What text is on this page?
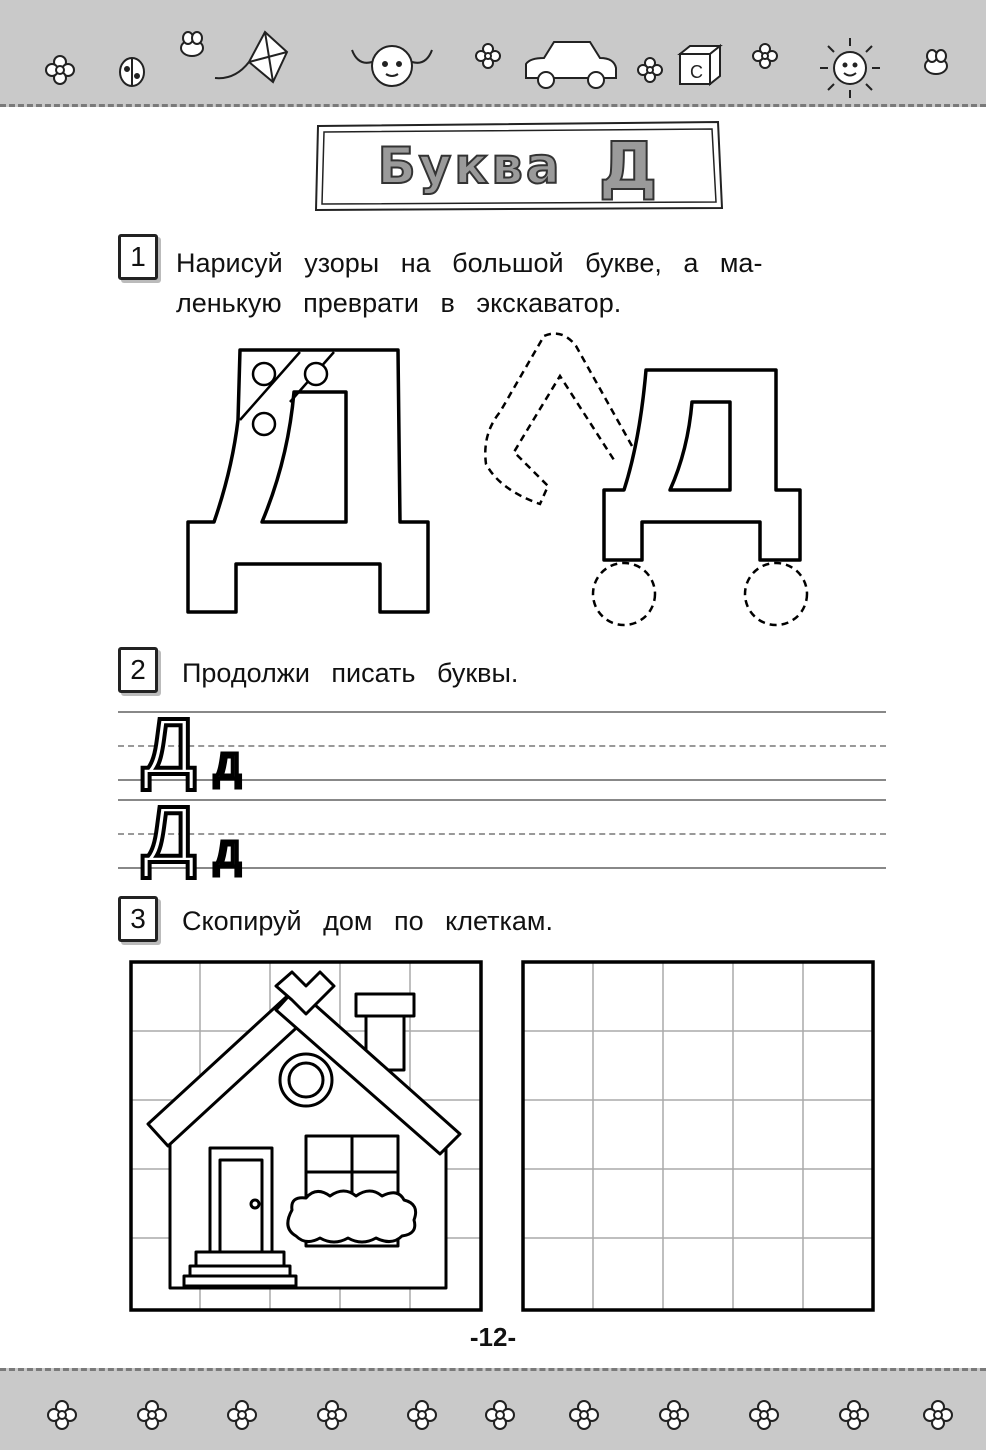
С
Буква Д
1	Нарисуй узоры на большой букве, а ма-
ленькую преврати в экскаватор.
2	Продолжи писать буквы.
Д д
Д д
3	Скопируй дом по клеткам.
-12-
